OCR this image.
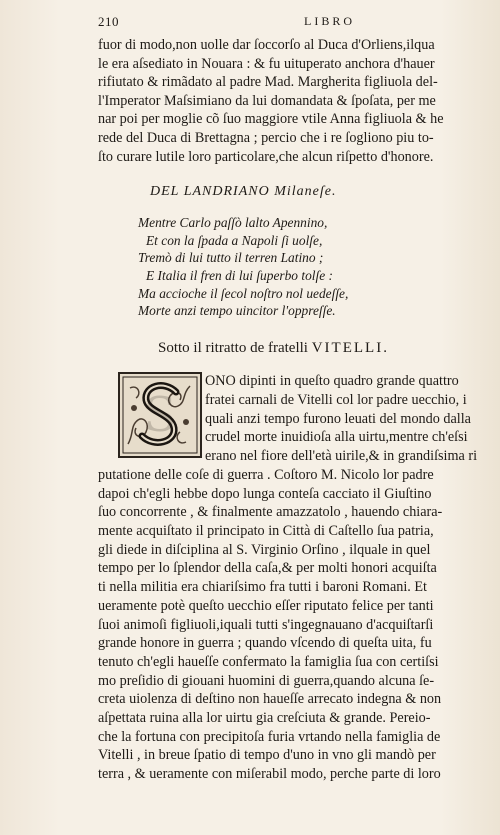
210	LIBRO
fuor di modo,non uolle dar ſoccorſo al Duca d'Orliens,ilqua
le era aſsediato in Nouara : & fu uituperato anchora d'hauer
rifiutato & rimãdato al padre Mad. Margherita figliuola del-
l'Imperator Maſsimiano da lui domandata & ſpoſata, per me
nar poi per moglie cõ ſuo maggiore vtile Anna figliuola & he
rede del Duca di Brettagna ; percio che i re ſogliono piu to-
ſto curare lutile loro particolare,che alcun riſpetto d'honore.
DEL LANDRIANO Milaneſe.
Mentre Carlo paſſò lalto Apennino,
Et con la ſpada a Napoli ſi uolſe,
Tremò di lui tutto il terren Latino ;
E Italia il fren di lui ſuperbo tolſe :
Ma accioche il ſecol noſtro nol uedeſſe,
Morte anzi tempo uincitor l'oppreſſe.
Sotto il ritratto de fratelli VITELLI.
S
ONO dipinti in queſto quadro grande quattro
fratei carnali de Vitelli col lor padre uecchio, i
quali anzi tempo furono leuati del mondo dalla
crudel morte inuidioſa alla uirtu,mentre ch'eſsi
erano nel fiore dell'età uirile,& in grandiſsima ri
putatione delle coſe di guerra . Coſtoro M. Nicolo lor padre
dapoi ch'egli hebbe dopo lunga conteſa cacciato il Giuſtino
ſuo concorrente , & finalmente amazzatolo , hauendo chiara-
mente acquiſtato il principato in Città di Caſtello ſua patria,
gli diede in diſciplina al S. Virginio Orſino , ilquale in quel
tempo per lo ſplendor della caſa,& per molti honori acquiſta
ti nella militia era chiariſsimo fra tutti i baroni Romani. Et
ueramente potè queſto uecchio eſſer riputato felice per tanti
ſuoi animoſi figliuoli,iquali tutti s'ingegnauano d'acquiſtarſi
grande honore in guerra ; quando vſcendo di queſta uita, fu
tenuto ch'egli haueſſe confermato la famiglia ſua con certiſsi
mo preſidio di giouani huomini di guerra,quando alcuna ſe-
creta uiolenza di deſtino non haueſſe arrecato indegna & non
aſpettata ruina alla lor uirtu gia creſciuta & grande. Pereio-
che la fortuna con precipitoſa furia vrtando nella famiglia de
Vitelli , in breue ſpatio di tempo d'uno in vno gli mandò per
terra , & ueramente con miſerabil modo, perche parte di loro
